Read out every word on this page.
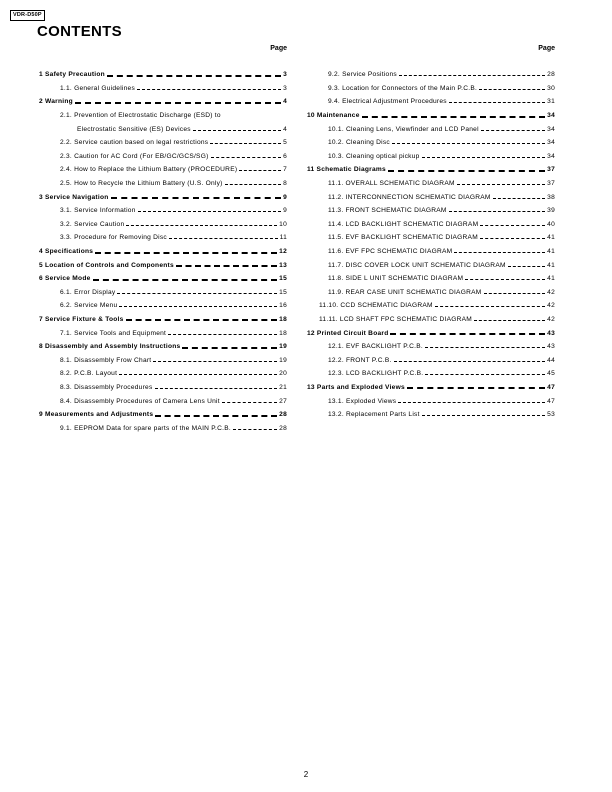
VDR-D50P
CONTENTS
Page
1 Safety Precaution	3
1.1. General Guidelines	3
2 Warning	4
2.1. Prevention of Electrostatic Discharge (ESD) to
Electrostatic Sensitive (ES) Devices	4
2.2. Service caution based on legal restrictions	5
2.3. Caution for AC Cord (For EB/GC/GCS/SG)	6
2.4. How to Replace the Lithium Battery (PROCEDURE)	7
2.5. How to Recycle the Lithium Battery (U.S. Only)	8
3 Service Navigation	9
3.1. Service Information	9
3.2. Service Caution	10
3.3. Procedure for Removing Disc	11
4 Specifications	12
5 Location of Controls and Components	13
6 Service Mode	15
6.1. Error Display	15
6.2. Service Menu	16
7 Service Fixture & Tools	18
7.1. Service Tools and Equipment	18
8 Disassembly and Assembly Instructions	19
8.1. Disassembly Frow Chart	19
8.2. P.C.B. Layout	20
8.3. Disassembly Procedures	21
8.4. Disassembly Procedures of Camera Lens Unit	27
9 Measurements and Adjustments	28
9.1. EEPROM Data for spare parts of the MAIN P.C.B.	28
Page
9.2. Service Positions	28
9.3. Location for Connectors of the Main P.C.B.	30
9.4. Electrical Adjustment Procedures	31
10 Maintenance	34
10.1. Cleaning Lens, Viewfinder and LCD Panel	34
10.2. Cleaning Disc	34
10.3. Cleaning optical pickup	34
11 Schematic Diagrams	37
11.1. OVERALL SCHEMATIC DIAGRAM	37
11.2. INTERCONNECTION SCHEMATIC DIAGRAM	38
11.3. FRONT SCHEMATIC DIAGRAM	39
11.4. LCD BACKLIGHT SCHEMATIC DIAGRAM	40
11.5. EVF BACKLIGHT SCHEMATIC DIAGRAM	41
11.6. EVF FPC SCHEMATIC DIAGRAM	41
11.7. DISC COVER LOCK UNIT SCHEMATIC DIAGRAM	41
11.8. SIDE L UNIT SCHEMATIC DIAGRAM	41
11.9. REAR CASE UNIT SCHEMATIC DIAGRAM	42
11.10. CCD SCHEMATIC DIAGRAM	42
11.11. LCD SHAFT FPC SCHEMATIC DIAGRAM	42
12 Printed Circuit Board	43
12.1. EVF BACKLIGHT P.C.B.	43
12.2. FRONT P.C.B.	44
12.3. LCD BACKLIGHT P.C.B.	45
13 Parts and Exploded Views	47
13.1. Exploded Views	47
13.2. Replacement Parts List	53
2
